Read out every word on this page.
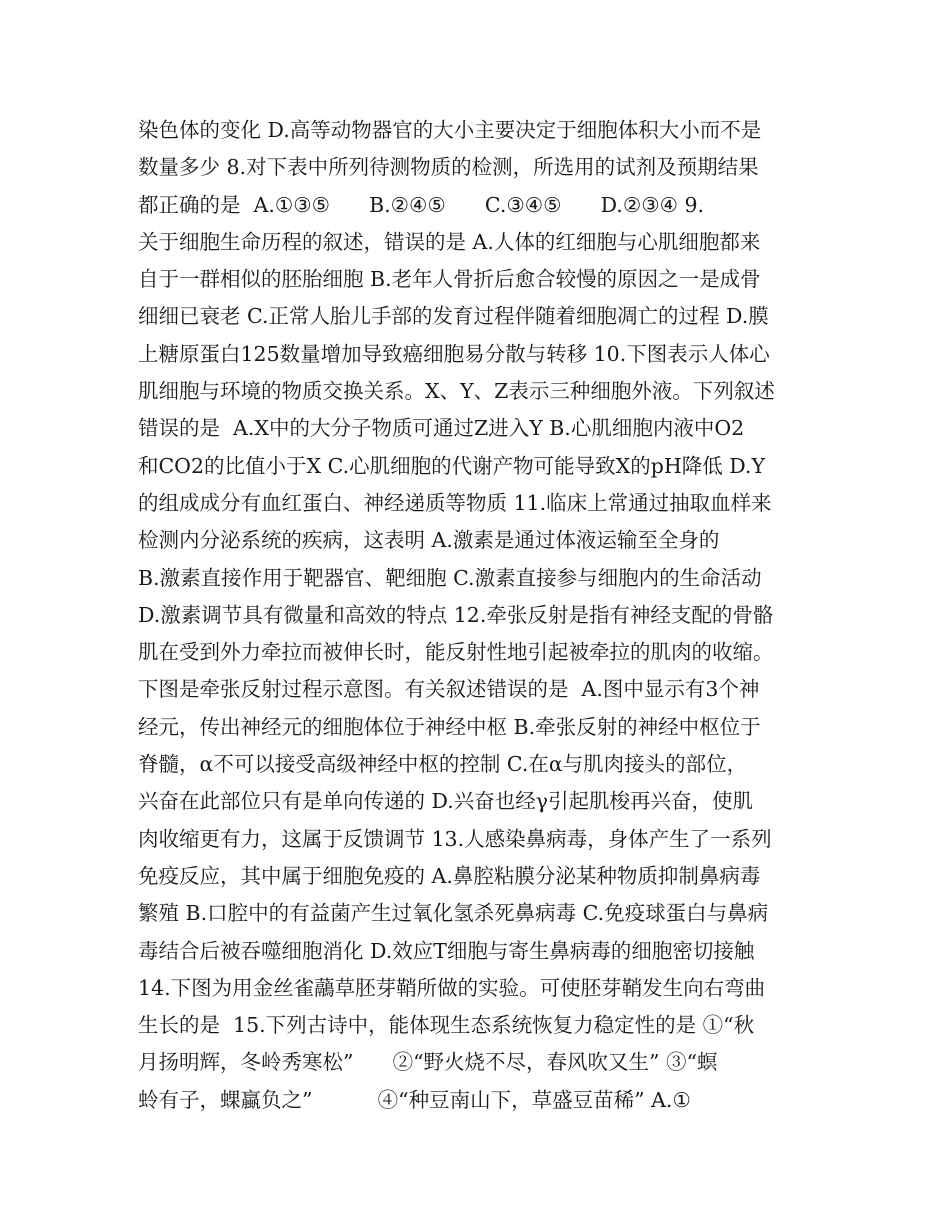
染色体的变化 D.高等动物器官的大小主要决定于细胞体积大小而不是
数量多少 8.对下表中所列待测物质的检测，所选用的试剂及预期结果
都正确的是  A.①③⑤      B.②④⑤      C.③④⑤      D.②③④ 9.
关于细胞生命历程的叙述，错误的是 A.人体的红细胞与心肌细胞都来
自于一群相似的胚胎细胞 B.老年人骨折后愈合较慢的原因之一是成骨
细细已衰老 C.正常人胎儿手部的发育过程伴随着细胞凋亡的过程 D.膜
上糖原蛋白125数量增加导致癌细胞易分散与转移 10.下图表示人体心
肌细胞与环境的物质交换关系。X、Y、Z表示三种细胞外液。下列叙述
错误的是  A.X中的大分子物质可通过Z进入Y B.心肌细胞内液中O2
和CO2的比值小于X C.心肌细胞的代谢产物可能导致X的pH降低 D.Y
的组成成分有血红蛋白、神经递质等物质 11.临床上常通过抽取血样来
检测内分泌系统的疾病，这表明 A.激素是通过体液运输至全身的
B.激素直接作用于靶器官、靶细胞 C.激素直接参与细胞内的生命活动
D.激素调节具有微量和高效的特点 12.牵张反射是指有神经支配的骨骼
肌在受到外力牵拉而被伸长时，能反射性地引起被牵拉的肌肉的收缩。
下图是牵张反射过程示意图。有关叙述错误的是  A.图中显示有3个神
经元，传出神经元的细胞体位于神经中枢 B.牵张反射的神经中枢位于
脊髓，α不可以接受高级神经中枢的控制 C.在α与肌肉接头的部位，
兴奋在此部位只有是单向传递的 D.兴奋也经γ引起肌梭再兴奋，使肌
肉收缩更有力，这属于反馈调节 13.人感染鼻病毒，身体产生了一系列
免疫反应，其中属于细胞免疫的 A.鼻腔粘膜分泌某种物质抑制鼻病毒
繁殖 B.口腔中的有益菌产生过氧化氢杀死鼻病毒 C.免疫球蛋白与鼻病
毒结合后被吞噬细胞消化 D.效应T细胞与寄生鼻病毒的细胞密切接触
14.下图为用金丝雀虉草胚芽鞘所做的实验。可使胚芽鞘发生向右弯曲
生长的是  15.下列古诗中，能体现生态系统恢复力稳定性的是 ①“秋
月扬明辉，冬岭秀寒松”      ②“野火烧不尽，春风吹又生” ③“螟
蛉有子，蜾蠃负之”          ④“种豆南山下，草盛豆苗稀” A.①
